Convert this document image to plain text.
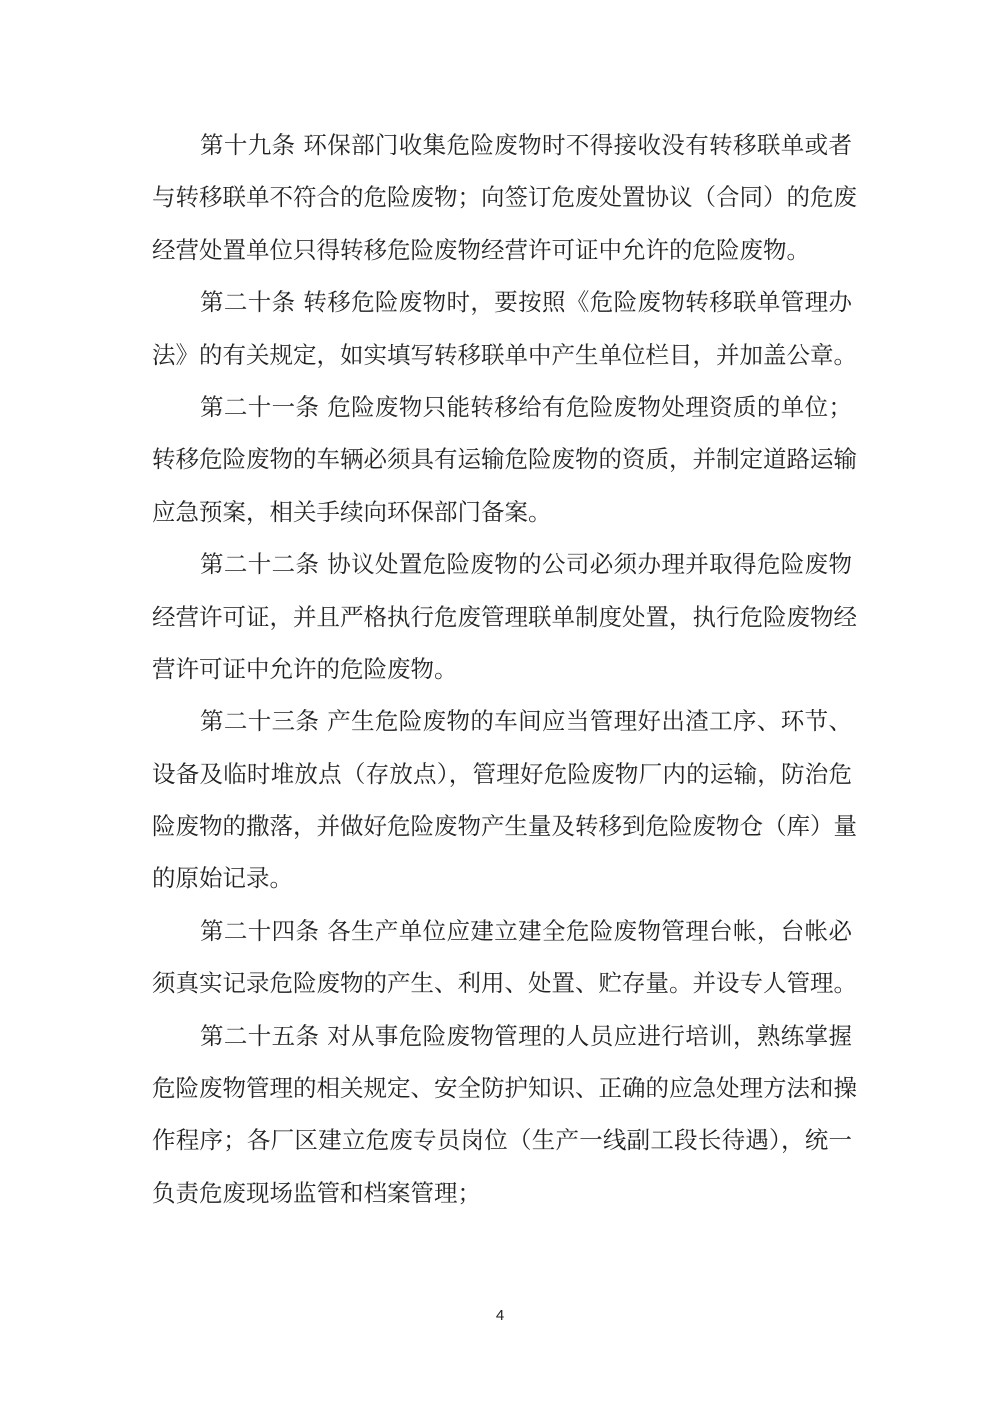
第十九条 环保部门收集危险废物时不得接收没有转移联单或者
与转移联单不符合的危险废物；向签订危废处置协议（合同）的危废
经营处置单位只得转移危险废物经营许可证中允许的危险废物。
第二十条 转移危险废物时，要按照《危险废物转移联单管理办
法》的有关规定，如实填写转移联单中产生单位栏目，并加盖公章。
第二十一条 危险废物只能转移给有危险废物处理资质的单位；
转移危险废物的车辆必须具有运输危险废物的资质，并制定道路运输
应急预案，相关手续向环保部门备案。
第二十二条 协议处置危险废物的公司必须办理并取得危险废物
经营许可证，并且严格执行危废管理联单制度处置，执行危险废物经
营许可证中允许的危险废物。
第二十三条 产生危险废物的车间应当管理好出渣工序、环节、
设备及临时堆放点（存放点），管理好危险废物厂内的运输，防治危
险废物的撒落，并做好危险废物产生量及转移到危险废物仓（库）量
的原始记录。
第二十四条 各生产单位应建立建全危险废物管理台帐，台帐必
须真实记录危险废物的产生、利用、处置、贮存量。并设专人管理。
第二十五条 对从事危险废物管理的人员应进行培训，熟练掌握
危险废物管理的相关规定、安全防护知识、正确的应急处理方法和操
作程序；各厂区建立危废专员岗位（生产一线副工段长待遇），统一
负责危废现场监管和档案管理；
4
